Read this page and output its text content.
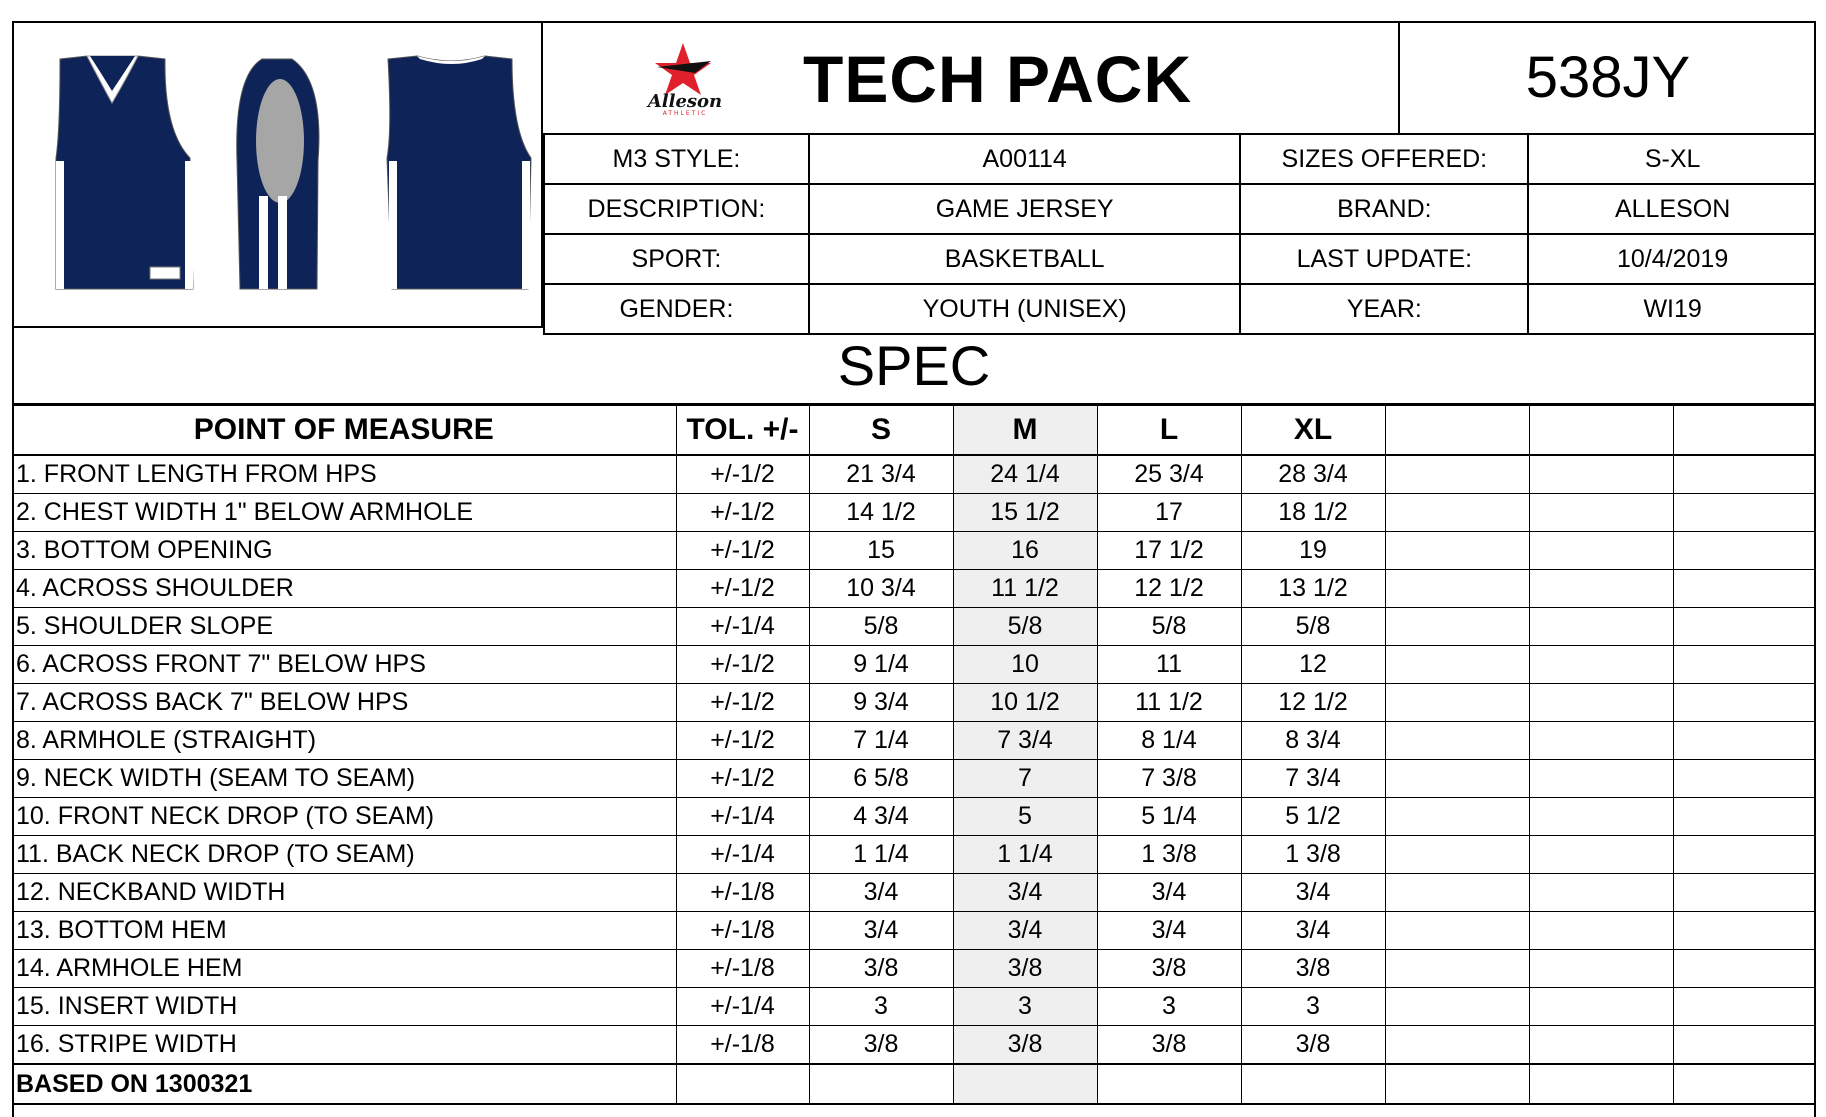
Alleson
ATHLETIC TECH PACK	538JY
M3 STYLE:	A00114	SIZES OFFERED:	S-XL
DESCRIPTION:	GAME JERSEY	BRAND:	ALLESON
SPORT:	BASKETBALL	LAST UPDATE:	10/4/2019
GENDER:	YOUTH (UNISEX)	YEAR:	WI19
SPEC
POINT OF MEASURE	TOL. +/-	S	M	L	XL			
1. FRONT LENGTH FROM HPS	+/-1/2	21 3/4	24 1/4	25 3/4	28 3/4			
2. CHEST WIDTH 1" BELOW ARMHOLE	+/-1/2	14 1/2	15 1/2	17	18 1/2			
3. BOTTOM OPENING	+/-1/2	15	16	17 1/2	19			
4. ACROSS SHOULDER	+/-1/2	10 3/4	11 1/2	12 1/2	13 1/2			
5. SHOULDER SLOPE	+/-1/4	5/8	5/8	5/8	5/8			
6. ACROSS FRONT 7" BELOW HPS	+/-1/2	9 1/4	10	11	12			
7. ACROSS BACK 7" BELOW HPS	+/-1/2	9 3/4	10 1/2	11 1/2	12 1/2			
8. ARMHOLE (STRAIGHT)	+/-1/2	7 1/4	7 3/4	8 1/4	8 3/4			
9. NECK WIDTH (SEAM TO SEAM)	+/-1/2	6 5/8	7	7 3/8	7 3/4			
10. FRONT NECK DROP (TO SEAM)	+/-1/4	4 3/4	5	5 1/4	5 1/2			
11. BACK NECK DROP (TO SEAM)	+/-1/4	1 1/4	1 1/4	1 3/8	1 3/8			
12. NECKBAND WIDTH	+/-1/8	3/4	3/4	3/4	3/4			
13. BOTTOM HEM	+/-1/8	3/4	3/4	3/4	3/4			
14. ARMHOLE HEM	+/-1/8	3/8	3/8	3/8	3/8			
15. INSERT WIDTH	+/-1/4	3	3	3	3			
16. STRIPE WIDTH	+/-1/8	3/8	3/8	3/8	3/8			
BASED ON 1300321								
